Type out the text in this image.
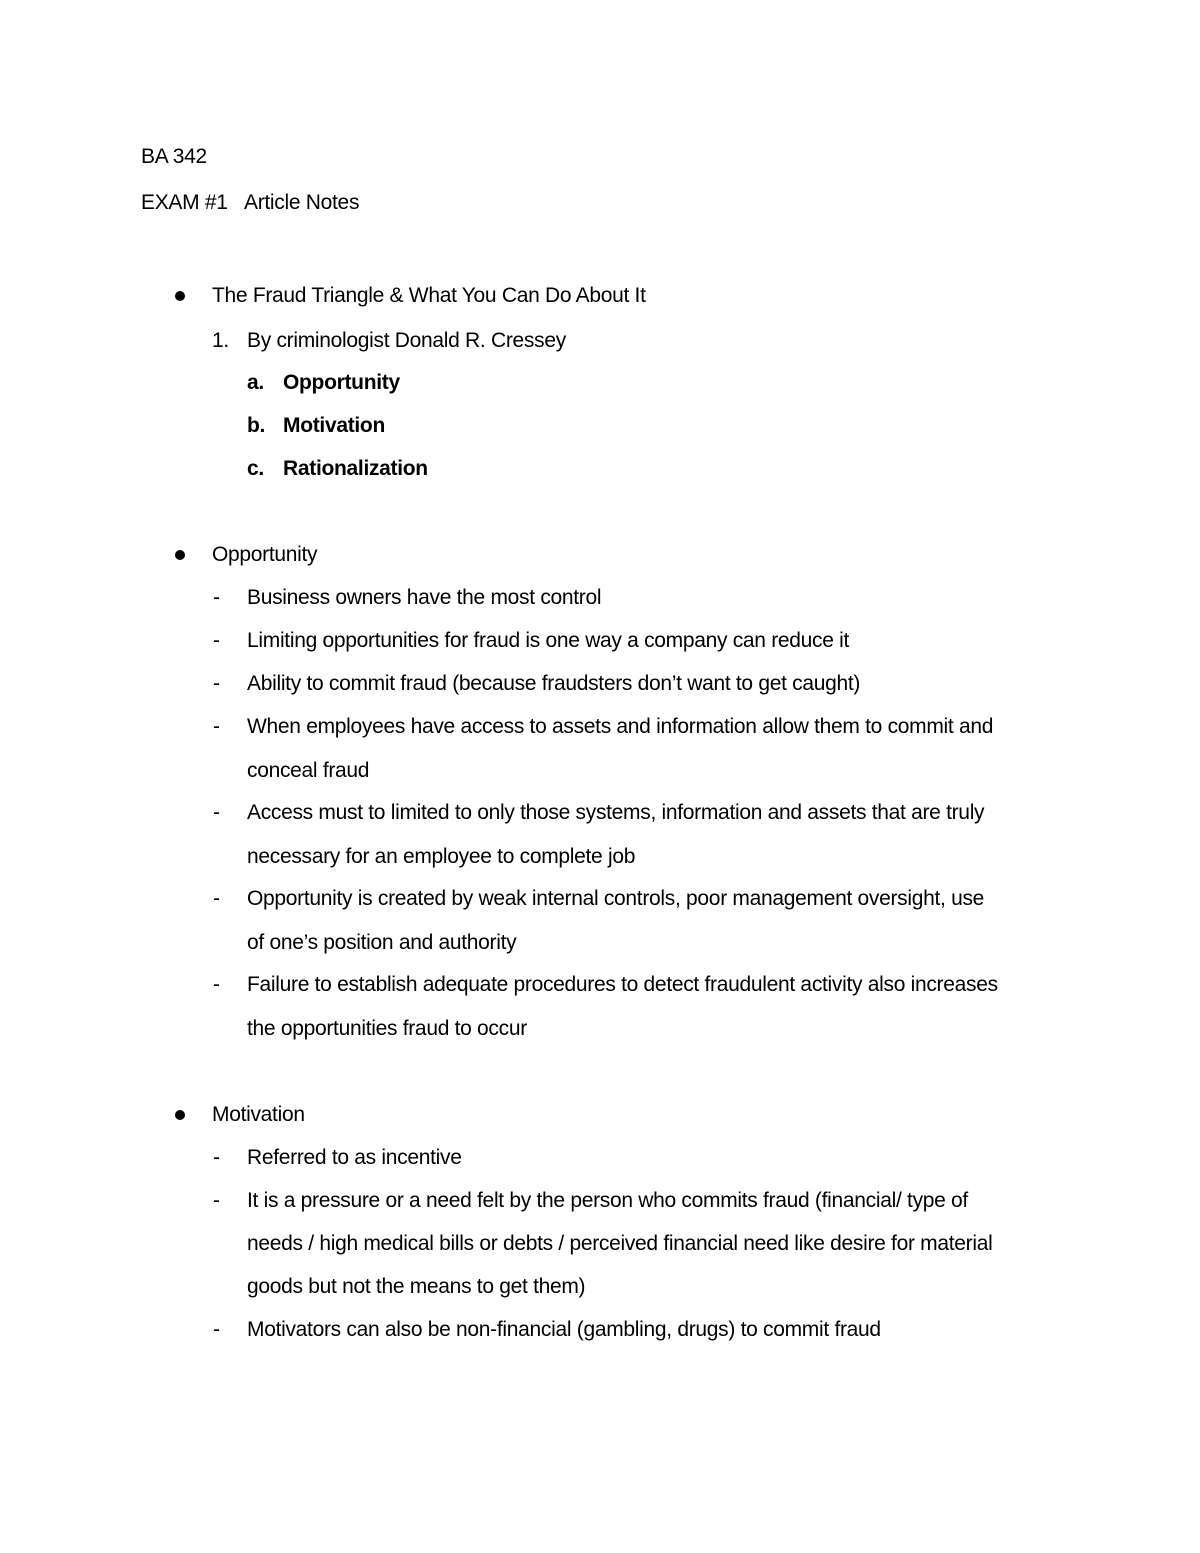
BA 342
EXAM #1 Article Notes
The Fraud Triangle & What You Can Do About It
1. By criminologist Donald R. Cressey
a. Opportunity
b. Motivation
c. Rationalization
Opportunity
- Business owners have the most control
- Limiting opportunities for fraud is one way a company can reduce it
- Ability to commit fraud (because fraudsters don’t want to get caught)
- When employees have access to assets and information allow them to commit and
conceal fraud
- Access must to limited to only those systems, information and assets that are truly
necessary for an employee to complete job
- Opportunity is created by weak internal controls, poor management oversight, use
of one’s position and authority
- Failure to establish adequate procedures to detect fraudulent activity also increases
the opportunities fraud to occur
Motivation
- Referred to as incentive
- It is a pressure or a need felt by the person who commits fraud (financial/ type of
needs / high medical bills or debts / perceived financial need like desire for material
goods but not the means to get them)
- Motivators can also be non-financial (gambling, drugs) to commit fraud
